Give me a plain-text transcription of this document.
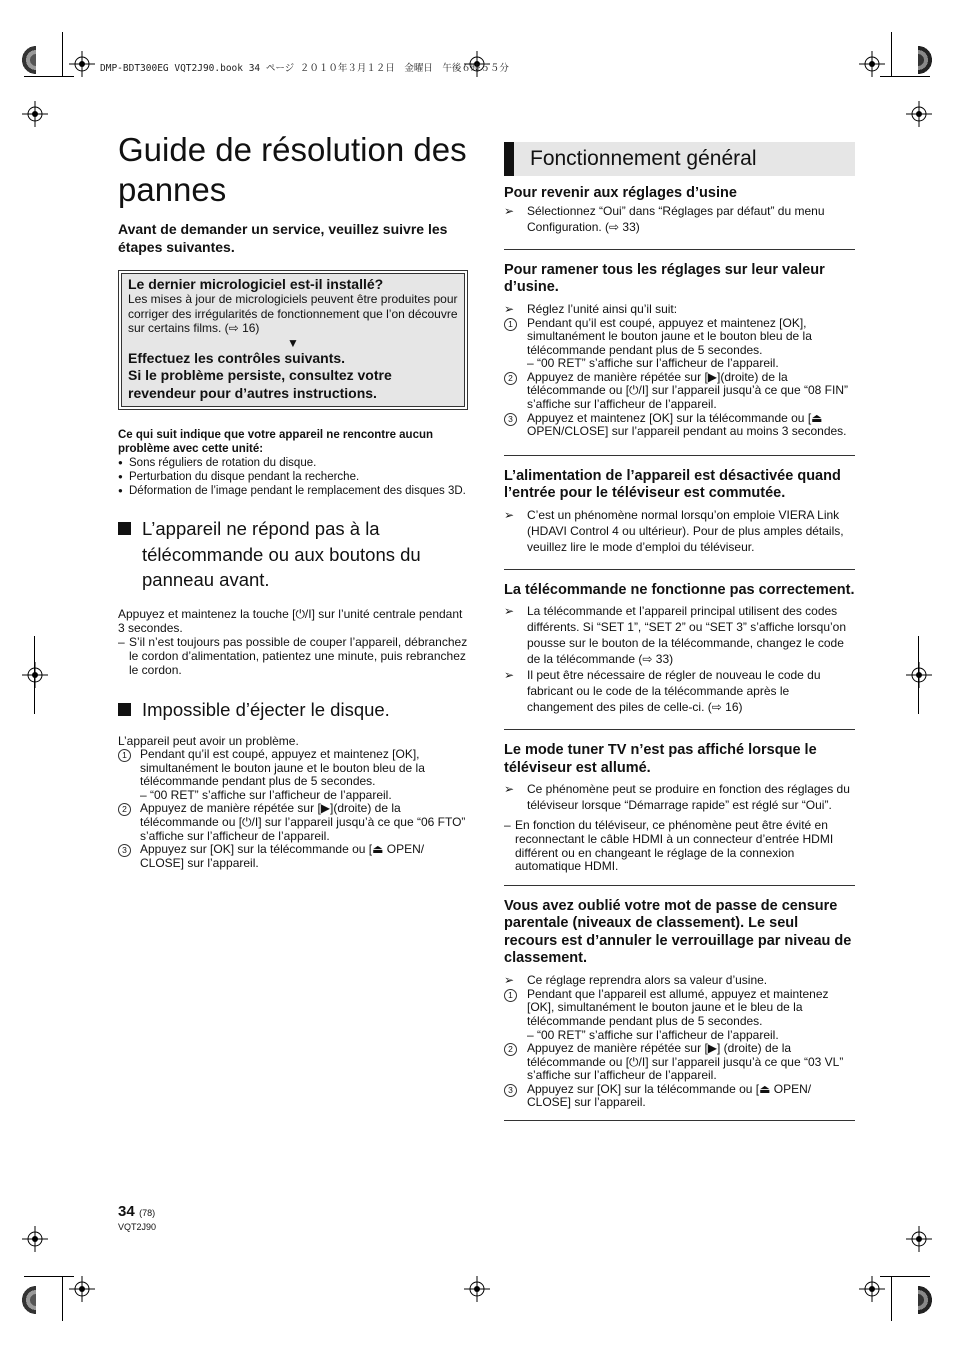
DMP-BDT300EG VQT2J90.book 34 ページ ２０１０年３月１２日　金曜日　午後６時５５分
Guide de résolution des pannes
Avant de demander un service, veuillez suivre les étapes suivantes.
Le dernier micrologiciel est-il installé?
Les mises à jour de micrologiciels peuvent être produites pour corriger des irrégularités de fonctionnement que l’on découvre sur certains films. (⇨ 16)
▼
Effectuez les contrôles suivants.
Si le problème persiste, consultez votre revendeur pour d’autres instructions.
Ce qui suit indique que votre appareil ne rencontre aucun problème avec cette unité:
● Sons réguliers de rotation du disque.
● Perturbation du disque pendant la recherche.
● Déformation de l’image pendant le remplacement des disques 3D.
L’appareil ne répond pas à la télécommande ou aux boutons du panneau avant.
Appuyez et maintenez la touche [⏻/I] sur l’unité centrale pendant 3 secondes.
– S’il n’est toujours pas possible de couper l’appareil, débranchez le cordon d’alimentation, patientez une minute, puis rebranchez le cordon.
Impossible d’éjecter le disque.
L’appareil peut avoir un problème.
1	Pendant qu’il est coupé, appuyez et maintenez [OK], simultanément le bouton jaune et le bouton bleu de la télécommande pendant plus de 5 secondes.
– “00 RET” s’affiche sur l’afficheur de l’appareil.
2	Appuyez de manière répétée sur [▶](droite) de la télécommande ou [⏻/I] sur l’appareil jusqu’à ce que “06 FTO” s’affiche sur l’afficheur de l’appareil.
3	Appuyez sur [OK] sur la télécommande ou [⏏ OPEN/ CLOSE] sur l’appareil.
Fonctionnement général
Pour revenir aux réglages d’usine
➢ Sélectionnez “Oui” dans “Réglages par défaut” du menu Configuration. (⇨ 33)
Pour ramener tous les réglages sur leur valeur d’usine.
➢ Réglez l’unité ainsi qu’il suit:
1	Pendant qu’il est coupé, appuyez et maintenez [OK], simultanément le bouton jaune et le bouton bleu de la télécommande pendant plus de 5 secondes.
– “00 RET” s’affiche sur l’afficheur de l’appareil.
2	Appuyez de manière répétée sur [▶](droite) de la télécommande ou [⏻/I] sur l’appareil jusqu’à ce que “08 FIN” s’affiche sur l’afficheur de l’appareil.
3	Appuyez et maintenez [OK] sur la télécommande ou [⏏ OPEN/CLOSE] sur l’appareil pendant au moins 3 secondes.
L’alimentation de l’appareil est désactivée quand l’entrée pour le téléviseur est commutée.
➢ C’est un phénomène normal lorsqu’on emploie VIERA Link (HDAVI Control 4 ou ultérieur). Pour de plus amples détails, veuillez lire le mode d’emploi du téléviseur.
La télécommande ne fonctionne pas correctement.
➢ La télécommande et l’appareil principal utilisent des codes différents. Si “SET 1”, “SET 2” ou “SET 3” s’affiche lorsqu’on pousse sur le bouton de la télécommande, changez le code de la télécommande (⇨ 33)
➢ Il peut être nécessaire de régler de nouveau le code du fabricant ou le code de la télécommande après le changement des piles de celle-ci. (⇨ 16)
Le mode tuner TV n’est pas affiché lorsque le téléviseur est allumé.
➢ Ce phénomène peut se produire en fonction des réglages du téléviseur lorsque “Démarrage rapide” est réglé sur “Oui”.
– En fonction du téléviseur, ce phénomène peut être évité en reconnectant le câble HDMI à un connecteur d’entrée HDMI différent ou en changeant le réglage de la connexion automatique HDMI.
Vous avez oublié votre mot de passe de censure parentale (niveaux de classement). Le seul recours est d’annuler le verrouillage par niveau de classement.
➢ Ce réglage reprendra alors sa valeur d’usine.
1	Pendant que l’appareil est allumé, appuyez et maintenez [OK], simultanément le bouton jaune et le bleu de la télécommande pendant plus de 5 secondes.
– “00 RET” s’affiche sur l’afficheur de l’appareil.
2	Appuyez de manière répétée sur [▶] (droite) de la télécommande ou [⏻/I] sur l’appareil jusqu’à ce que “03 VL” s’affiche sur l’afficheur de l’appareil.
3	Appuyez sur [OK] sur la télécommande ou [⏏ OPEN/ CLOSE] sur l’appareil.
34 (78)
VQT2J90
